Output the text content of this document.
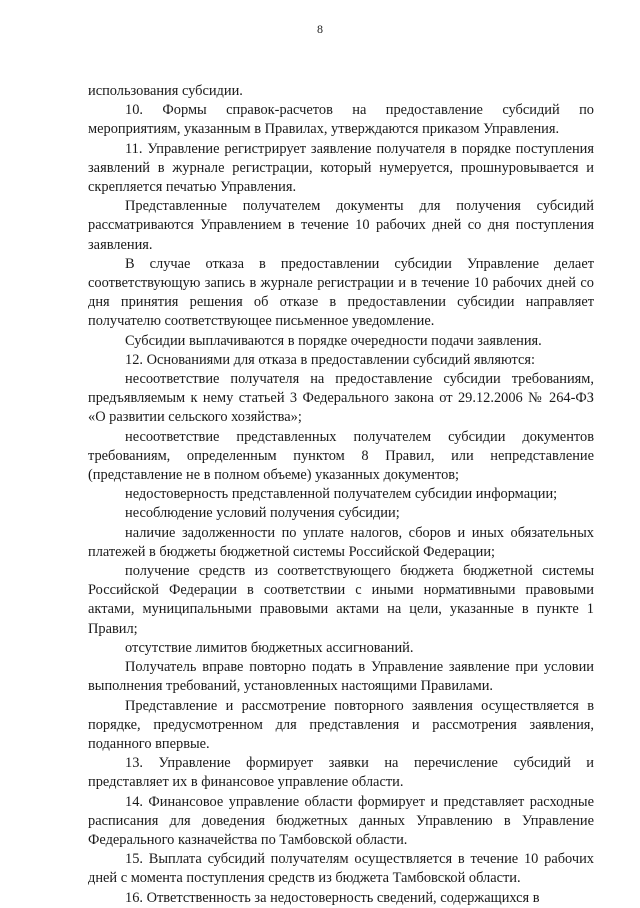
8

использования субсидии.

10. Формы справок-расчетов на предоставление субсидий по мероприятиям, указанным в Правилах, утверждаются приказом Управления.

11. Управление регистрирует заявление получателя в порядке поступления заявлений в журнале регистрации, который нумеруется, прошнуровывается и скрепляется печатью Управления.

Представленные получателем документы для получения субсидий рассматриваются Управлением в течение 10 рабочих дней со дня поступления заявления.

В случае отказа в предоставлении субсидии Управление делает соответствующую запись в журнале регистрации и в течение 10 рабочих дней со дня принятия решения об отказе в предоставлении субсидии направляет получателю соответствующее письменное уведомление.

Субсидии выплачиваются в порядке очередности подачи заявления.

12. Основаниями для отказа в предоставлении субсидий являются:

несоответствие получателя на предоставление субсидии требованиям, предъявляемым к нему статьей 3 Федерального закона от 29.12.2006 № 264-ФЗ «О развитии сельского хозяйства»;

несоответствие представленных получателем субсидии документов требованиям, определенным пунктом 8 Правил, или непредставление (представление не в полном объеме) указанных документов;

недостоверность представленной получателем субсидии информации;

несоблюдение условий получения субсидии;

наличие задолженности по уплате налогов, сборов и иных обязательных платежей в бюджеты бюджетной системы Российской Федерации;

получение средств из соответствующего бюджета бюджетной системы Российской Федерации в соответствии с иными нормативными правовыми актами, муниципальными правовыми актами на цели, указанные в пункте 1 Правил;

отсутствие лимитов бюджетных ассигнований.

Получатель вправе повторно подать в Управление заявление при условии выполнения требований, установленных настоящими Правилами.

Представление и рассмотрение повторного заявления осуществляется в порядке, предусмотренном для представления и рассмотрения заявления, поданного впервые.

13. Управление формирует заявки на перечисление субсидий и представляет их в финансовое управление области.

14. Финансовое управление области формирует и представляет расходные расписания для доведения бюджетных данных Управлению в Управление Федерального казначейства по Тамбовской области.

15. Выплата субсидий получателям осуществляется в течение 10 рабочих дней с момента поступления средств из бюджета Тамбовской области.

16. Ответственность за недостоверность сведений, содержащихся в
